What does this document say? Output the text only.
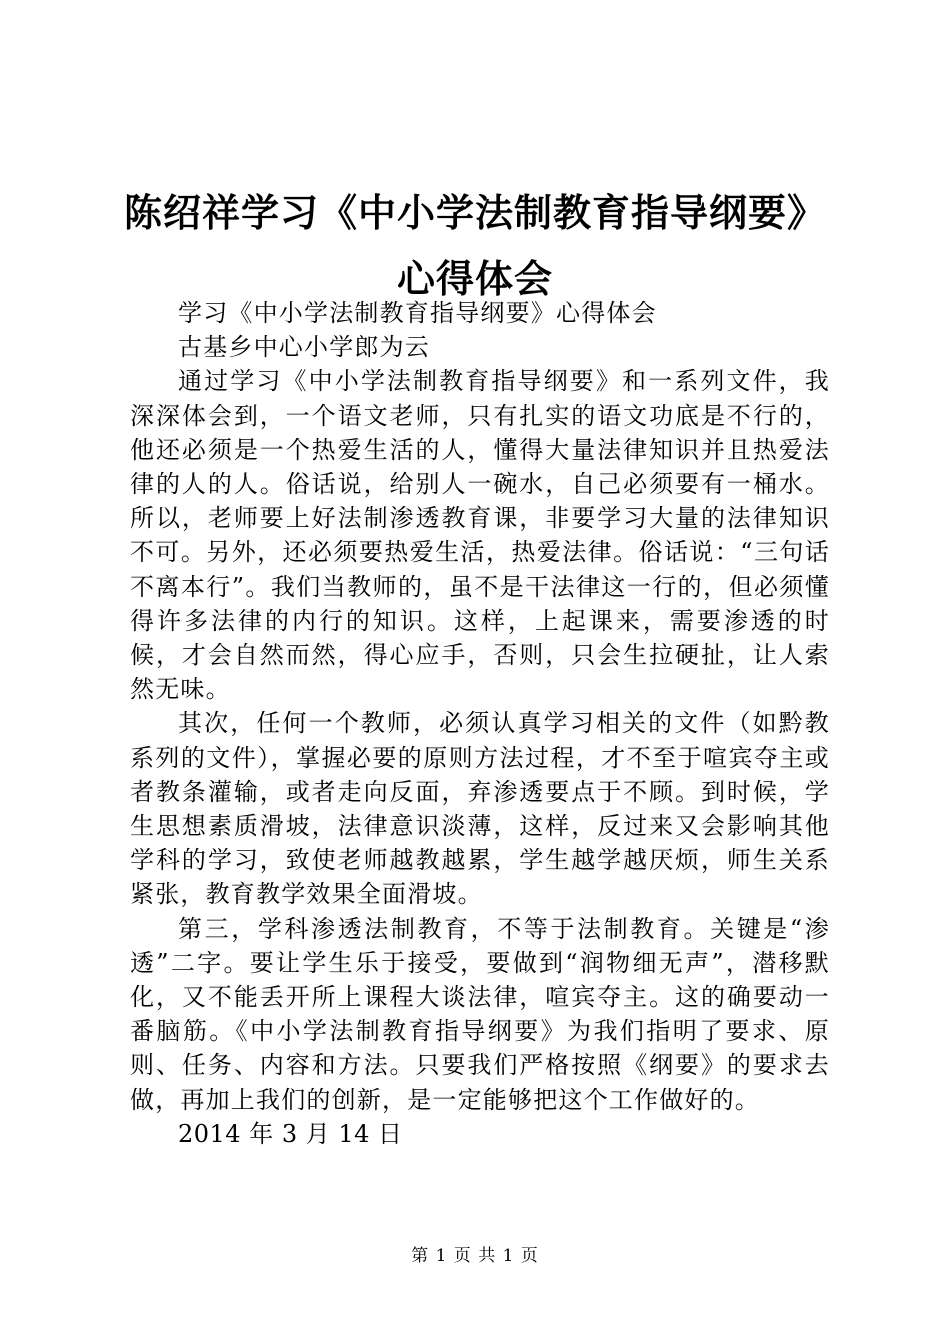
陈绍祥学习《中小学法制教育指导纲要》心得体会

学习《中小学法制教育指导纲要》心得体会

古基乡中心小学郎为云

通过学习《中小学法制教育指导纲要》和一系列文件，我深深体会到，一个语文老师，只有扎实的语文功底是不行的，他还必须是一个热爱生活的人，懂得大量法律知识并且热爱法律的人的人。俗话说，给别人一碗水，自己必须要有一桶水。所以，老师要上好法制渗透教育课，非要学习大量的法律知识不可。另外，还必须要热爱生活，热爱法律。俗话说：“三句话不离本行”。我们当教师的，虽不是干法律这一行的，但必须懂得许多法律的内行的知识。这样，上起课来，需要渗透的时候，才会自然而然，得心应手，否则，只会生拉硬扯，让人索然无味。

其次，任何一个教师，必须认真学习相关的文件（如黔教系列的文件），掌握必要的原则方法过程，才不至于喧宾夺主或者教条灌输，或者走向反面，弃渗透要点于不顾。到时候，学生思想素质滑坡，法律意识淡薄，这样，反过来又会影响其他学科的学习，致使老师越教越累，学生越学越厌烦，师生关系紧张，教育教学效果全面滑坡。

第三，学科渗透法制教育，不等于法制教育。关键是“渗透”二字。要让学生乐于接受，要做到“润物细无声”，潜移默化，又不能丢开所上课程大谈法律，喧宾夺主。这的确要动一番脑筋。《中小学法制教育指导纲要》为我们指明了要求、原则、任务、内容和方法。只要我们严格按照《纲要》的要求去做，再加上我们的创新，是一定能够把这个工作做好的。

2014 年 3 月 14 日

第 1 页 共 1 页
